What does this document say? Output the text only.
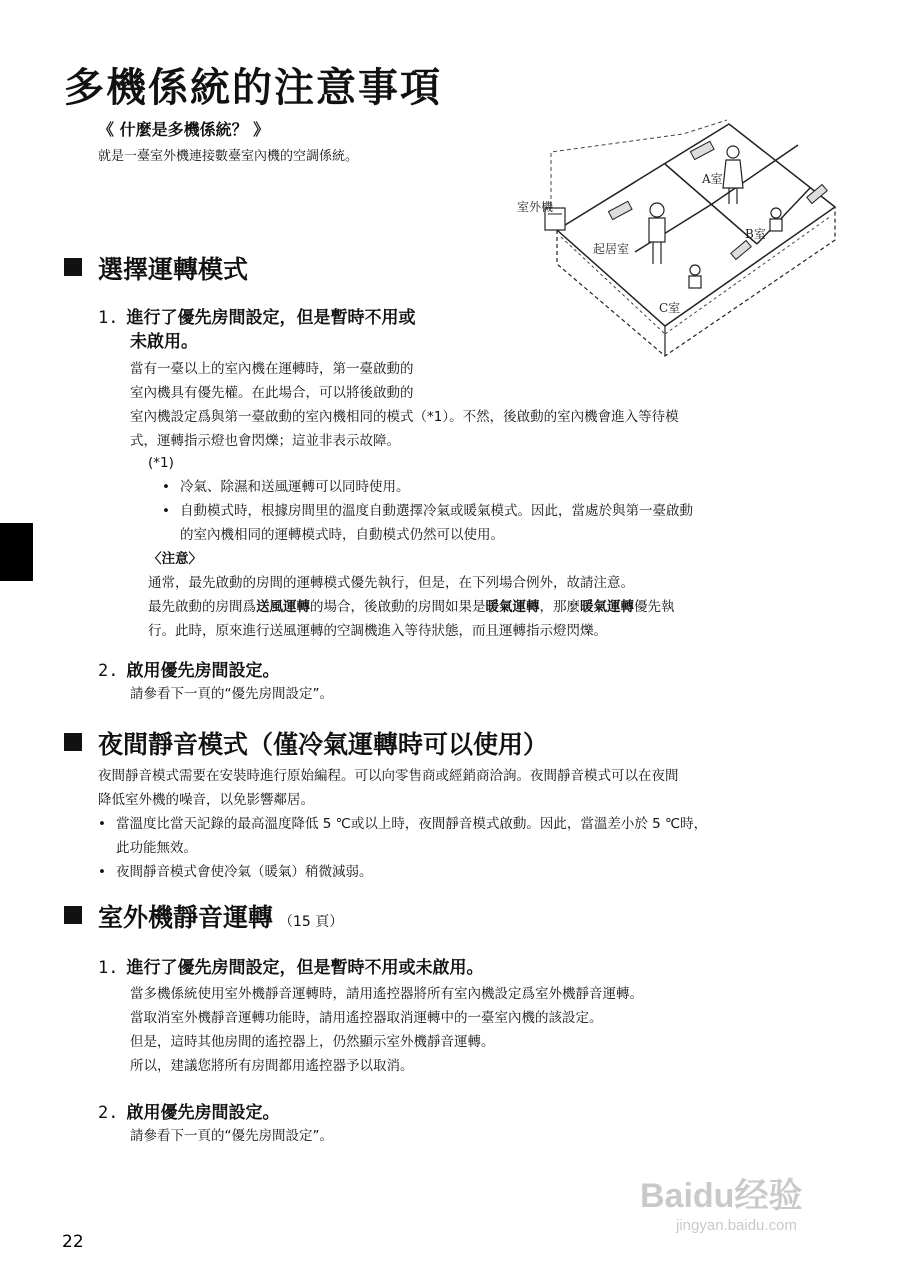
多機係統的注意事項
《 什麼是多機係統？ 》
就是一臺室外機連接數臺室內機的空調係統。
室外機
起居室
A室
B室
C室
選擇運轉模式
1. 進行了優先房間設定，但是暫時不用或
未啟用。
當有一臺以上的室內機在運轉時，第一臺啟動的
室內機具有優先權。在此場合，可以將後啟動的
室內機設定爲與第一臺啟動的室內機相同的模式（*1）。不然，後啟動的室內機會進入等待模
式，運轉指示燈也會閃爍；這並非表示故障。
(*1)
• 冷氣、除濕和送風運轉可以同時使用。
• 自動模式時，根據房間里的溫度自動選擇冷氣或暖氣模式。因此，當處於與第一臺啟動
的室內機相同的運轉模式時，自動模式仍然可以使用。
〈注意〉
通常，最先啟動的房間的運轉模式優先執行，但是，在下列場合例外，故請注意。
最先啟動的房間爲送風運轉的場合，後啟動的房間如果是暖氣運轉，那麼暖氣運轉優先執
行。此時，原來進行送風運轉的空調機進入等待狀態，而且運轉指示燈閃爍。
2. 啟用優先房間設定。
請參看下一頁的“優先房間設定”。
夜間靜音模式（僅冷氣運轉時可以使用）
夜間靜音模式需要在安裝時進行原始編程。可以向零售商或經銷商洽詢。夜間靜音模式可以在夜間
降低室外機的噪音，以免影響鄰居。
• 當溫度比當天記錄的最高溫度降低 5 ℃或以上時，夜間靜音模式啟動。因此，當溫差小於 5 ℃時，
此功能無效。
• 夜間靜音模式會使冷氣（暖氣）稍微減弱。
室外機靜音運轉 （15 頁）
1. 進行了優先房間設定，但是暫時不用或未啟用。
當多機係統使用室外機靜音運轉時，請用遙控器將所有室內機設定爲室外機靜音運轉。
當取消室外機靜音運轉功能時，請用遙控器取消運轉中的一臺室內機的該設定。
但是，這時其他房間的遙控器上，仍然顯示室外機靜音運轉。
所以，建議您將所有房間都用遙控器予以取消。
2. 啟用優先房間設定。
請參看下一頁的“優先房間設定”。
22
Baidu经验
jingyan.baidu.com
